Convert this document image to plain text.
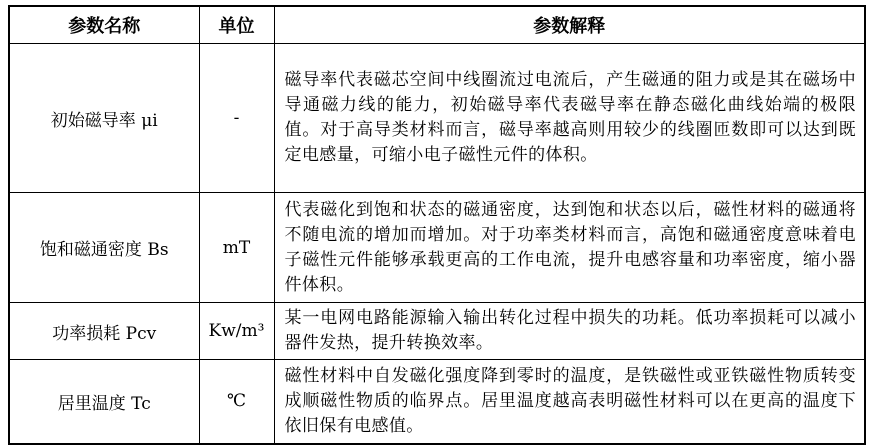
参数名称	单位	参数解释
初始磁导率 μi	-	磁导率代表磁芯空间中线圈流过电流后，产生磁通的阻力或是其在磁场中导通磁力线的能力，初始磁导率代表磁导率在静态磁化曲线始端的极限值。对于高导类材料而言，磁导率越高则用较少的线圈匝数即可以达到既定电感量，可缩小电子磁性元件的体积。
饱和磁通密度 Bs	mT	代表磁化到饱和状态的磁通密度，达到饱和状态以后，磁性材料的磁通将不随电流的增加而增加。对于功率类材料而言，高饱和磁通密度意味着电子磁性元件能够承载更高的工作电流，提升电感容量和功率密度，缩小器件体积。
功率损耗 Pcv	Kw/m³	某一电网电路能源输入输出转化过程中损失的功耗。低功率损耗可以减小器件发热，提升转换效率。
居里温度 Tc	℃	磁性材料中自发磁化强度降到零时的温度，是铁磁性或亚铁磁性物质转变成顺磁性物质的临界点。居里温度越高表明磁性材料可以在更高的温度下依旧保有电感值。
